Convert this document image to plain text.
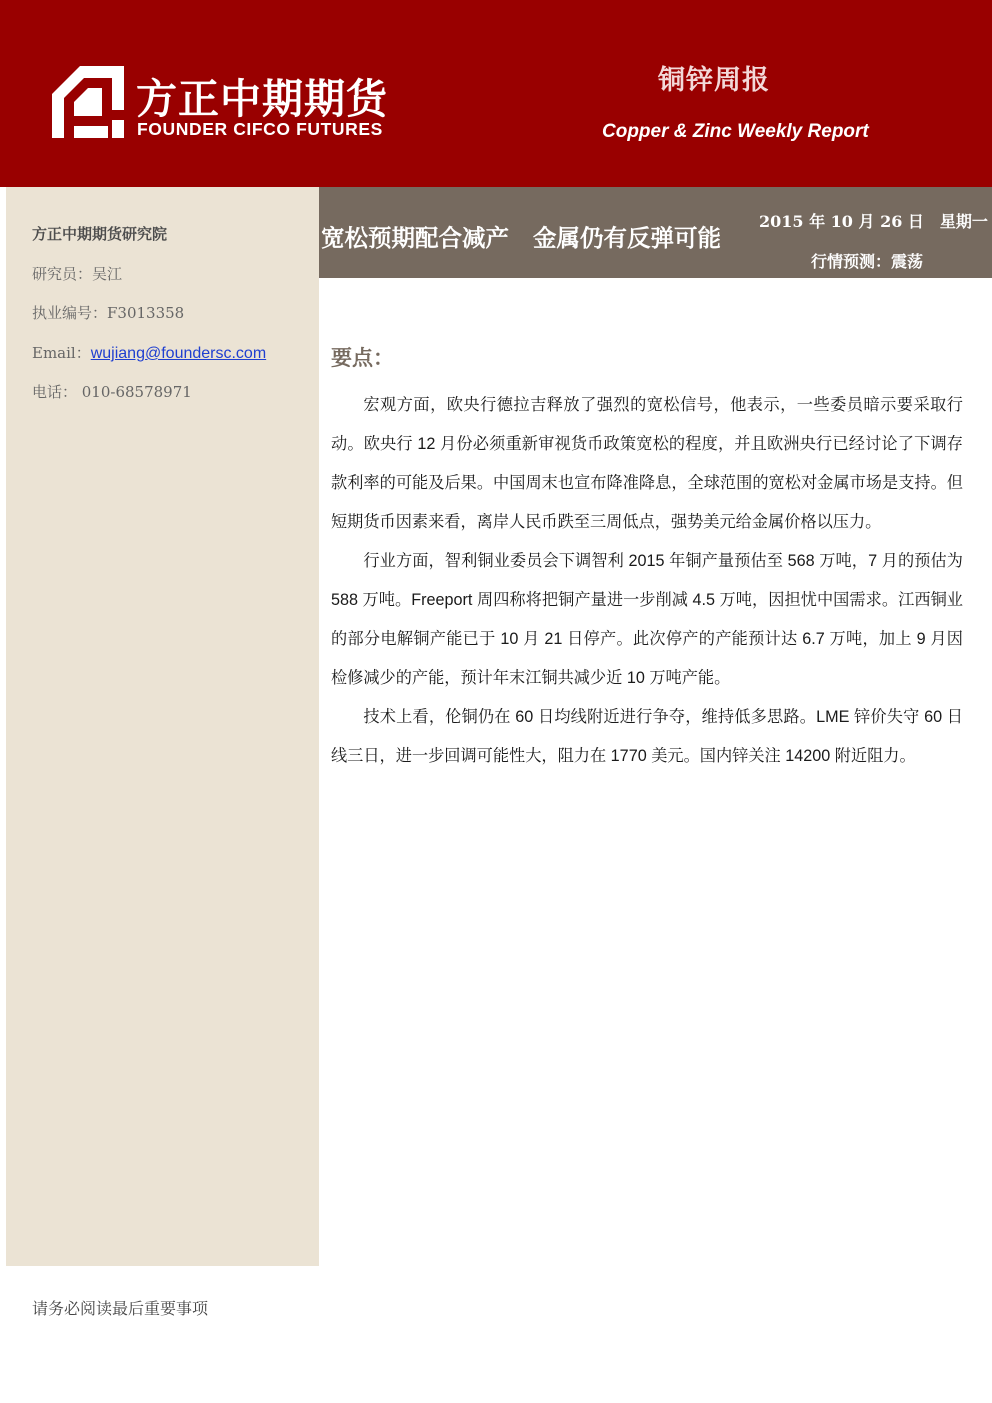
方正中期期货
FOUNDER CIFCO FUTURES
铜锌周报
Copper & Zinc Weekly Report
方正中期期货研究院
研究员：吴江
执业编号：F3013358
Email：wujiang@foundersc.com
电话： 010-68578971
宽松预期配合减产 金属仍有反弹可能
2015 年 10 月 26 日　星期一
行情预测：震荡
要点：

宏观方面，欧央行德拉吉释放了强烈的宽松信号，他表示，一些委员暗示要采取行动。欧央行 12 月份必须重新审视货币政策宽松的程度，并且欧洲央行已经讨论了下调存款利率的可能及后果。中国周末也宣布降准降息，全球范围的宽松对金属市场是支持。但短期货币因素来看，离岸人民币跌至三周低点，强势美元给金属价格以压力。

行业方面，智利铜业委员会下调智利 2015 年铜产量预估至 568 万吨，7 月的预估为 588 万吨。Freeport 周四称将把铜产量进一步削减 4.5 万吨，因担忧中国需求。江西铜业的部分电解铜产能已于 10 月 21 日停产。此次停产的产能预计达 6.7 万吨，加上 9 月因检修减少的产能，预计年末江铜共减少近 10 万吨产能。

技术上看，伦铜仍在 60 日均线附近进行争夺，维持低多思路。LME 锌价失守 60 日线三日，进一步回调可能性大，阻力在 1770 美元。国内锌关注 14200 附近阻力。

请务必阅读最后重要事项
